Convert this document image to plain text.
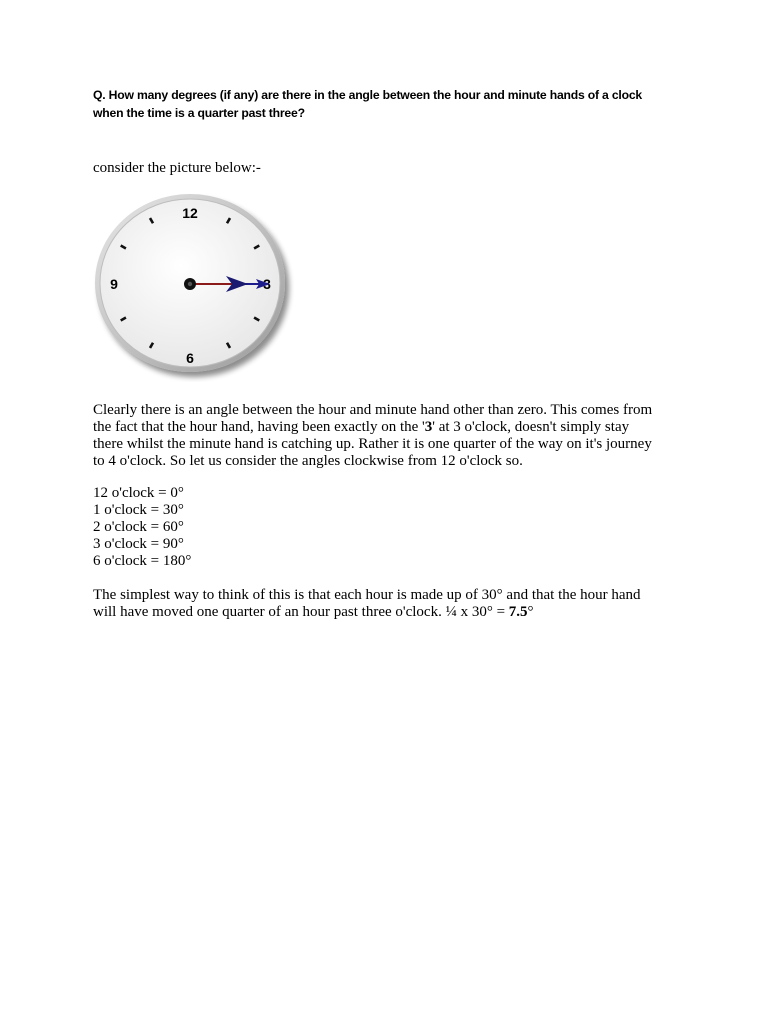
Q. How many degrees (if any) are there in the angle between the hour and minute hands of a clock
when the time is a quarter past three?

consider the picture below:-

12
6
9

Clearly there is an angle between the hour and minute hand other than zero. This comes from
the fact that the hour hand, having been exactly on the '3' at 3 o'clock, doesn't simply stay
there whilst the minute hand is catching up. Rather it is one quarter of the way on it's journey
to 4 o'clock. So let us consider the angles clockwise from 12 o'clock so.

12 o'clock = 0°
1 o'clock = 30°
2 o'clock = 60°
3 o'clock = 90°
6 o'clock = 180°

The simplest way to think of this is that each hour is made up of 30° and that the hour hand
will have moved one quarter of an hour past three o'clock. ¼ x 30° = 7.5°
